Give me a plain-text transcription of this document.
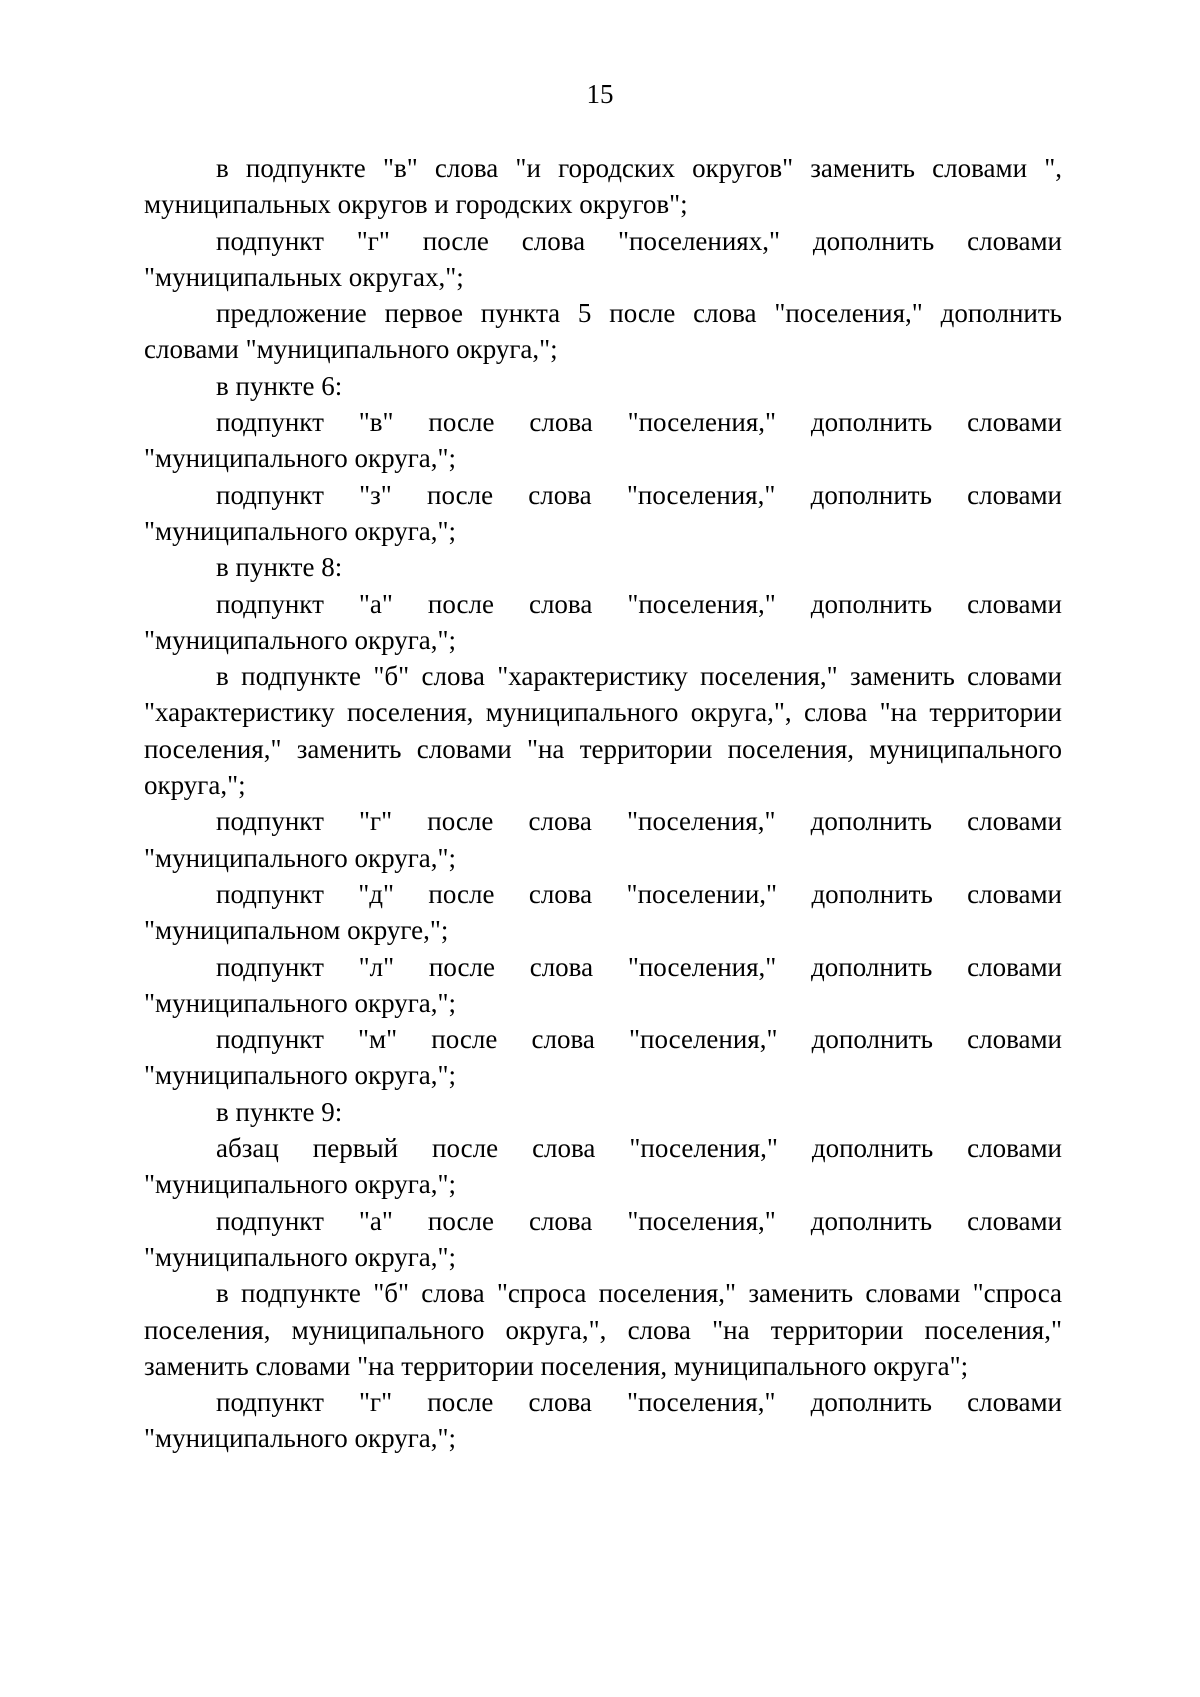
15

в подпункте "в" слова "и городских округов" заменить словами ", муниципальных округов и городских округов";

подпункт "г" после слова "поселениях," дополнить словами "муниципальных округах,";

предложение первое пункта 5 после слова "поселения," дополнить словами "муниципального округа,";

в пункте 6:

подпункт "в" после слова "поселения," дополнить словами "муниципального округа,";

подпункт "з" после слова "поселения," дополнить словами "муниципального округа,";

в пункте 8:

подпункт "а" после слова "поселения," дополнить словами "муниципального округа,";

в подпункте "б" слова "характеристику поселения," заменить словами "характеристику поселения, муниципального округа,", слова "на территории поселения," заменить словами "на территории поселения, муниципального округа,";

подпункт "г" после слова "поселения," дополнить словами "муниципального округа,";

подпункт "д" после слова "поселении," дополнить словами "муниципальном округе,";

подпункт "л" после слова "поселения," дополнить словами "муниципального округа,";

подпункт "м" после слова "поселения," дополнить словами "муниципального округа,";

в пункте 9:

абзац первый после слова "поселения," дополнить словами "муниципального округа,";

подпункт "а" после слова "поселения," дополнить словами "муниципального округа,";

в подпункте "б" слова "спроса поселения," заменить словами "спроса поселения, муниципального округа,", слова "на территории поселения," заменить словами "на территории поселения, муниципального округа";

подпункт "г" после слова "поселения," дополнить словами "муниципального округа,";
